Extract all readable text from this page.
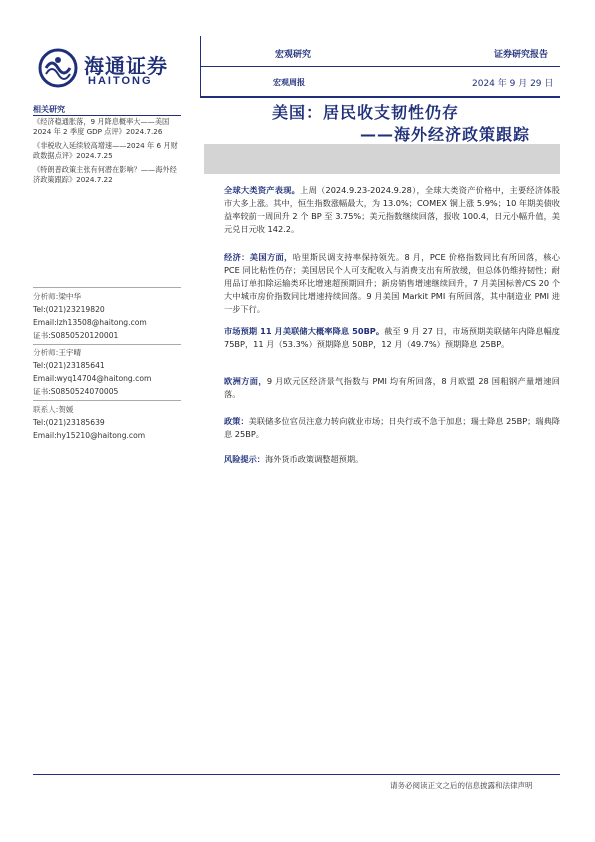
海通证券
HAITONG
宏观研究
宏观周报
证券研究报告
2024 年 9 月 29 日
美国：居民收支韧性仍存
——海外经济政策跟踪
相关研究
《经济稳通胀落，9 月降息概率大——美国 2024 年 2 季度 GDP 点评》2024.7.26
《非税收入延续较高增速——2024 年 6 月财政数据点评》2024.7.25
《特朗普政策主张有何潜在影响？——海外经济政策跟踪》2024.7.22
分析师:梁中华
Tel:(021)23219820
Email:lzh13508@haitong.com
证书:S0850520120001
分析师:王宇晴
Tel:(021)23185641
Email:wyq14704@haitong.com
证书:S0850524070005
联系人:贺媛
Tel:(021)23185639
Email:hy15210@haitong.com
全球大类资产表现。上周（2024.9.23-2024.9.28），全球大类资产价格中，主要经济体股市大多上涨。其中，恒生指数涨幅最大，为 13.0%；COMEX 铜上涨 5.9%；10 年期美债收益率较前一周回升 2 个 BP 至 3.75%；美元指数继续回落，报收 100.4，日元小幅升值，美元兑日元收 142.2。
经济：美国方面，哈里斯民调支持率保持领先。8 月，PCE 价格指数同比有所回落，核心 PCE 同比粘性仍存；美国居民个人可支配收入与消费支出有所放缓，但总体仍维持韧性；耐用品订单扣除运输类环比增速超预期回升；新房销售增速继续回升，7 月美国标普/CS 20 个大中城市房价指数同比增速持续回落。9 月美国 Markit PMI 有所回落，其中制造业 PMI 进一步下行。
市场预期 11 月美联储大概率降息 50BP。截至 9 月 27 日，市场预期美联储年内降息幅度 75BP，11 月（53.3%）预期降息 50BP，12 月（49.7%）预期降息 25BP。
欧洲方面，9 月欧元区经济景气指数与 PMI 均有所回落，8 月欧盟 28 国粗钢产量增速回落。
政策：美联储多位官员注意力转向就业市场；日央行或不急于加息；瑞士降息 25BP；瑞典降息 25BP。
风险提示：海外货币政策调整超预期。
请务必阅读正文之后的信息披露和法律声明
